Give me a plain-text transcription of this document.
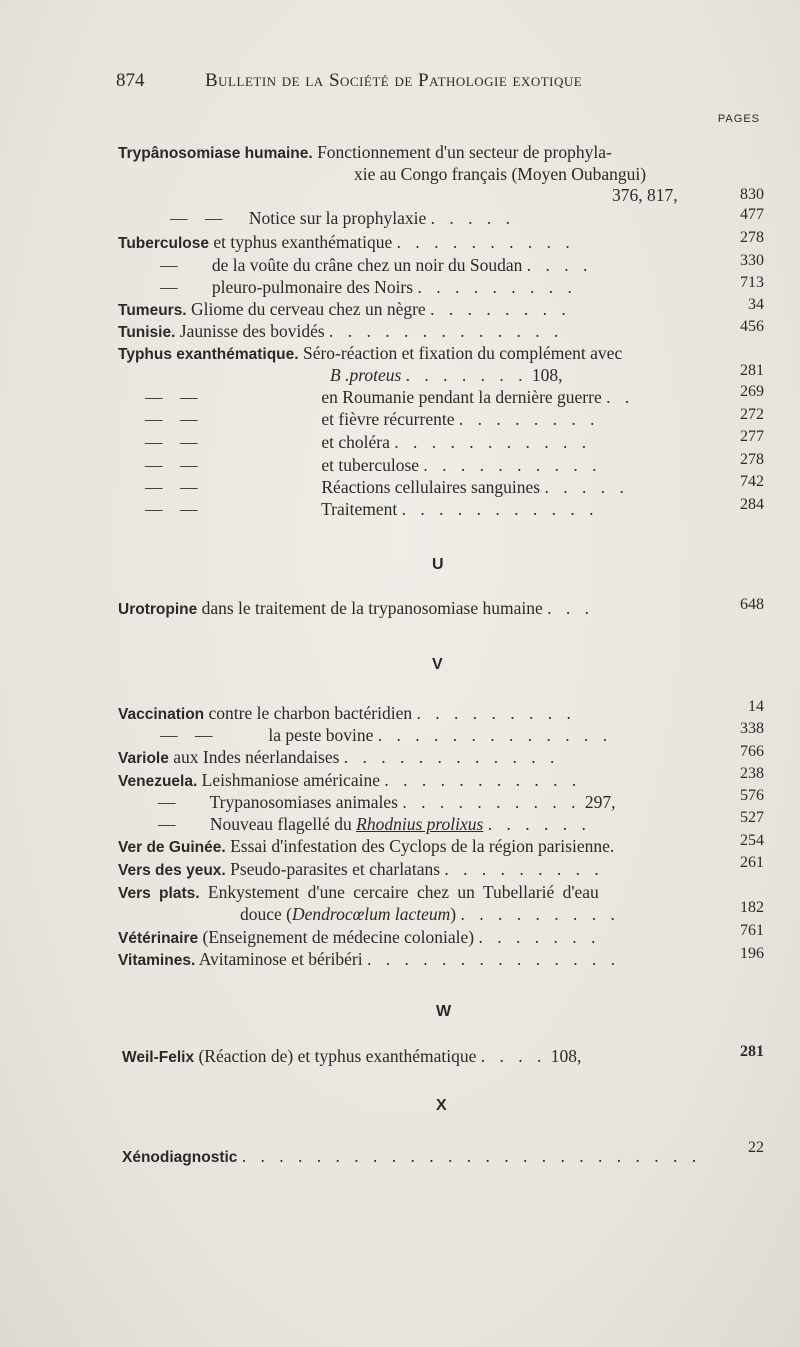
874	Bulletin de la Société de Pathologie exotique
PAGES
Trypânosomiase humaine. Fonctionnement d'un secteur de prophyla-
xie au Congo français (Moyen Oubangui)
376, 817,	830
—    — Notice sur la prophylaxie . . . . .	477
Tuberculose et typhus exanthématique . . . . . . . . . .	278
— de la voûte du crâne chez un noir du Soudan . . . .	330
— pleuro-pulmonaire des Noirs . . . . . . . . .	713
Tumeurs. Gliome du cerveau chez un nègre . . . . . . . .	34
Tunisie. Jaunisse des bovidés . . . . . . . . . . . . .	456
Typhus exanthématique. Séro-réaction et fixation du complément avec
B .proteus . . . . . . . 108,	281
—    —	en Roumanie pendant la dernière guerre . .	269
—    —	et fièvre récurrente . . . . . . . .	272
—    —	et choléra . . . . . . . . . . .	277
—    —	et tuberculose . . . . . . . . . .	278
—    —	Réactions cellulaires sanguines . . . . .	742
—    —	Traitement . . . . . . . . . . .	284
U
Urotropine dans le traitement de la trypanosomiase humaine . . .	648
V
Vaccination contre le charbon bactéridien . . . . . . . . .	14
—    —	la peste bovine . . . . . . . . . . . . .	338
Variole aux Indes néerlandaises . . . . . . . . . . . .	766
Venezuela. Leishmaniose américaine . . . . . . . . . . .	238
— Trypanosomiases animales . . . . . . . . . . 297,	576
— Nouveau flagellé du Rhodnius prolixus . . . . . .	527
Ver de Guinée. Essai d'infestation des Cyclops de la région parisienne.	254
Vers des yeux. Pseudo-parasites et charlatans . . . . . . . . .	261
Vers plats. Enkystement d'une cercaire chez un Tubellarié d'eau
douce (Dendrocœlum lacteum) . . . . . . . . .	182
Vétérinaire (Enseignement de médecine coloniale) . . . . . . .	761
Vitamines. Avitaminose et béribéri . . . . . . . . . . . . . .	196
W
Weil-Felix (Réaction de) et typhus exanthématique . . . . 108,	281
X
Xénodiagnostic . . . . . . . . . . . . . . . . . . . . . . . . .	22
